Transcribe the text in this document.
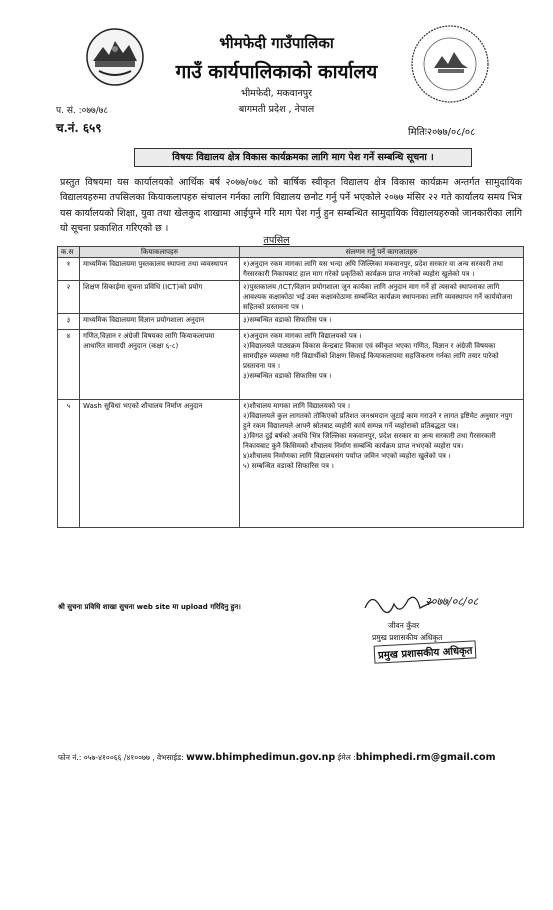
भीमफेदी गाउँपालिका
गाउँ कार्यपालिकाको कार्यालय
भीमफेदी, मकवानपुर
बागमती प्रदेश , नेपाल
प. सं. :०७७/७८
च.नं. ६५९	मितिः२०७७/०८/०८
विषयः विद्यालय क्षेत्र विकास कार्यक्रमका लागि माग पेश गर्ने सम्बन्धि सूचना ।
प्रस्तुत विषयमा यस कार्यालयको आर्थिक बर्ष २०७७/०७८ को बार्षिक स्वीकृत विद्यालय क्षेत्र विकास कार्यक्रम अन्तर्गत सामुदायिक विद्यालयहरुमा तपसिलका कियाकलापहरु संचालन गर्नका लागि विद्यालय छनोट गर्नु पर्ने भएकोले २०७७ मंसिर २२ गते कार्यालय समय भित्र यस कार्यालयको शिक्षा, युवा तथा खेलकुद शाखामा आईपुग्ने गरि माग पेश गर्नु हुन सम्बन्धित सामुदायिक विद्यालयहरुको जानकारीका लागि यो सूचना प्रकाशित गरिएको छ ।
तपसिल
क.स	कियाकलापहरु	संलग्गन गर्नु पर्ने कागजातहरु
१	माध्यमिक विद्यालयमा पुस्तकालय स्थापना तथा व्यवस्थापन	१)अनुदान रकम मागका लागि यस भन्दा अघि जिल्लिका मकवानपुर, प्रदेश सरकार वा अन्य सरकारी तथा गैरसरकारी निकायबाट हाल माग गरेको प्रकृतिको कार्यक्रम प्राप्त नगरेको व्यहोरा खुलेको पत्र ।
२	शिक्षण सिकाईमा सूचना प्रविधि (ICT)को प्रयोग	२)पुस्तकालय /ICT/विज्ञान प्रयोगशाला जुन कार्यका लागि अनुदान माग गर्ने हो त्यसको स्थापनाका लागि आवश्यक कक्षाकोठा भई उक्त कक्षाकोठामा सम्बन्धित कार्यक्रम स्थापनाका लागि व्यवस्थापन गर्ने कार्ययोजना सहितको प्रस्तावना पत्र ।
३	माध्यमिक विद्यालयमा विज्ञान प्रयोगशाला अनुदान	३)सम्बन्धित वडाको सिफारिस पत्र ।
४	गणित,विज्ञान र अंग्रेजी विषयका लागि कियाकलापमा आधारित सामाग्री अनुदान (कक्षा ६-८)	१)अनुदान रकम मागका लागि विद्यालयको पत्र ।
२)विद्यालयले पाठ्यक्रम विकास केन्द्रबाट विकास एवं स्वीकृत भएका गणित, विज्ञान र अंग्रेजी विषयका सामग्रीहरु व्यवस्था गरी विद्यार्थीको शिक्षण सिकाई कियाकलापमा सहजिकरण गर्नका लागि तयार पारेको प्रस्तावना पत्र ।
३)सम्बन्धित वडाको सिफारिस पत्र ।
५	Wash सुविधा भएको शौचालय निर्माण अनुदान	१)शौचालय मागका लागि विद्यालयको पत्र ।
२)विद्यालयले कुल लागतको तोकिएको प्रतिशत जनश्रमदान जुटाई काम गराउने र लागत इष्टिमेट अनुसार नपुग हुने रकम विद्यालयले आफ्नै स्रोतबाट व्यहोरी कार्य सम्पन्न गर्ने व्यहोराको प्रतिबद्धता पत्र।
३)विगत दुई बर्षको अवधि भित्र जिल्लिका मकवानपुर, प्रदेश सरकार वा अन्य सरकारी तथा गैरसरकारी निकायबाट कुनै किसिमको शौचालय निर्माण सम्बन्धि कार्यक्रम प्राप्त नभएको व्यहोरा पत्र।
४)शौचालय निर्माणका लागि विद्यालयसंग पर्याप्त जमिन भएको व्यहोरा खुलेको पत्र ।
५) सम्बन्धित वडाको सिफारिस पत्र ।
श्री सुचना प्रविधि शाखा सुचना web site मा upload गरिदिनु हुन।	२०७७/०८/०८
जीवन कुँवर
प्रमुख प्रशासकीय अधिकृत
प्रमुख प्रशासकीय अधिकृत
फोन नं.: ०५७-४१००६६ /४१००७७ , वेभसाईड: www.bhimphedimun.gov.np ईमेल :bhimphedi.rm@gmail.com
